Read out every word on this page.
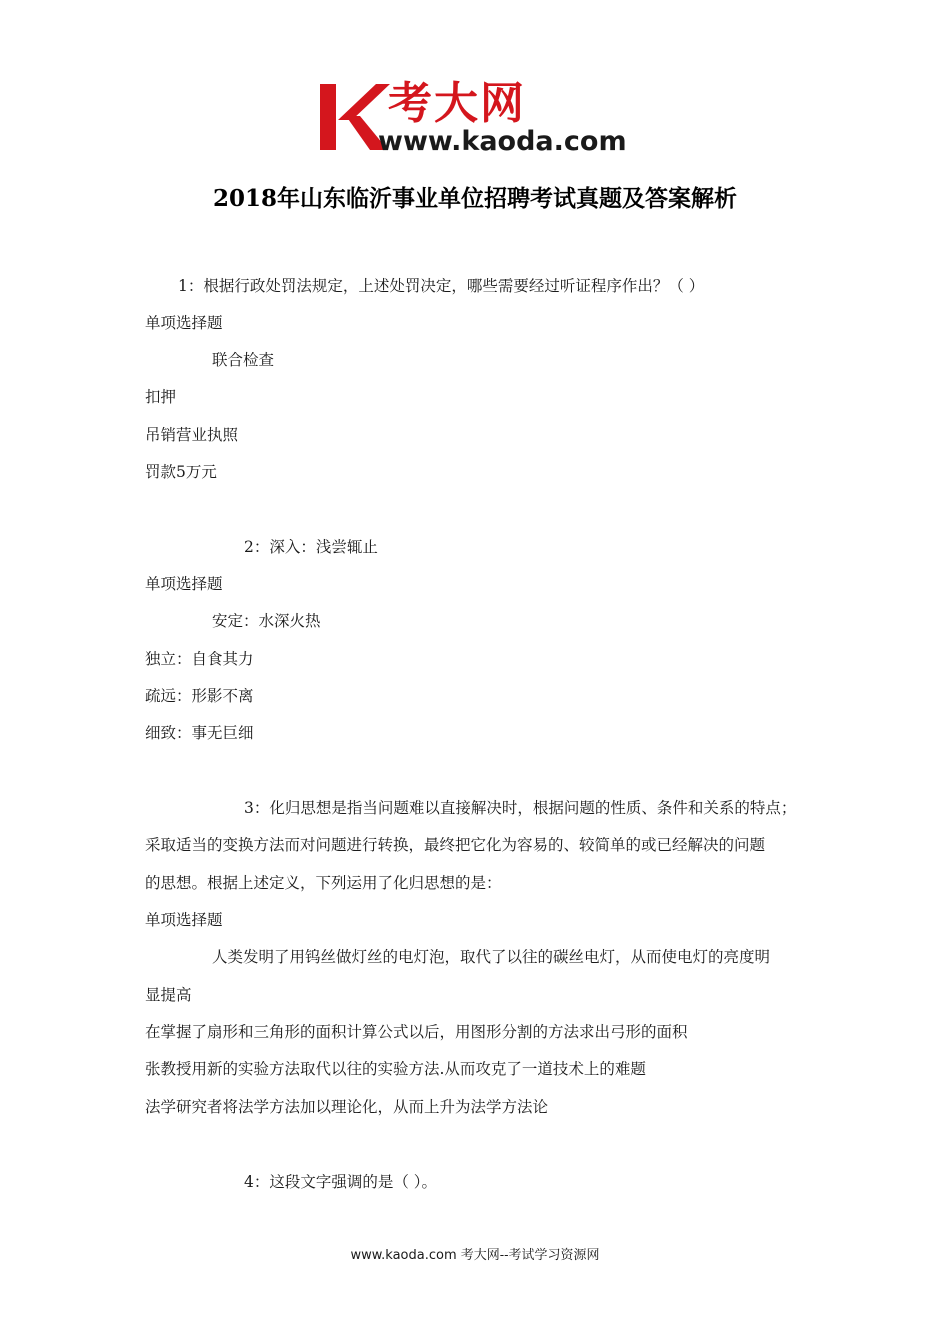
考大网
www.kaoda.com
2018年山东临沂事业单位招聘考试真题及答案解析
1：根据行政处罚法规定，上述处罚决定，哪些需要经过听证程序作出？（ ）
单项选择题
联合检查
扣押
吊销营业执照
罚款5万元
2：深入：浅尝辄止
单项选择题
安定：水深火热
独立：自食其力
疏远：形影不离
细致：事无巨细
3：化归思想是指当问题难以直接解决时，根据问题的性质、条件和关系的特点；
采取适当的变换方法而对问题进行转换，最终把它化为容易的、较简单的或已经解决的问题
的思想。根据上述定义，下列运用了化归思想的是：
单项选择题
人类发明了用钨丝做灯丝的电灯泡，取代了以往的碳丝电灯，从而使电灯的亮度明
显提高
在掌握了扇形和三角形的面积计算公式以后，用图形分割的方法求出弓形的面积
张教授用新的实验方法取代以往的实验方法.从而攻克了一道技术上的难题
法学研究者将法学方法加以理论化，从而上升为法学方法论
4：这段文字强调的是（ ）。
www.kaoda.com 考大网--考试学习资源网
